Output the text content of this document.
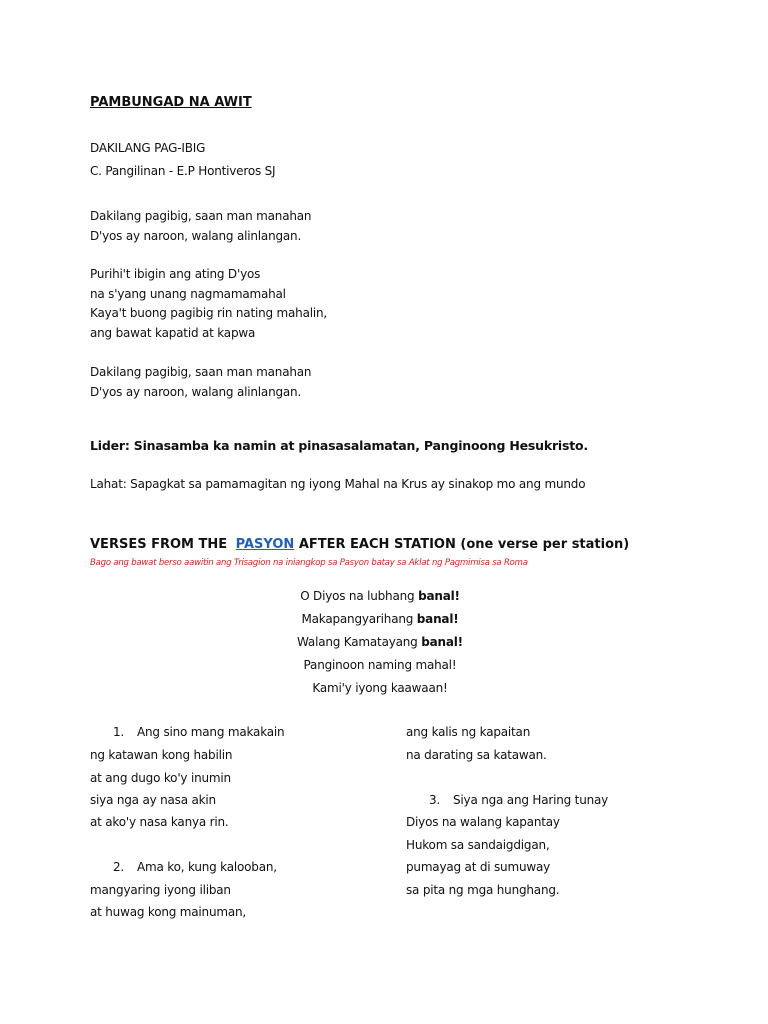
PAMBUNGAD NA AWIT
DAKILANG PAG-IBIG
C. Pangilinan - E.P Hontiveros SJ
Dakilang pagibig, saan man manahan
D'yos ay naroon, walang alinlangan.
Purihi't ibigin ang ating D'yos
na s'yang unang nagmamamahal
Kaya't buong pagibig rin nating mahalin,
ang bawat kapatid at kapwa
Dakilang pagibig, saan man manahan
D'yos ay naroon, walang alinlangan.
Lider: Sinasamba ka namin at pinasasalamatan, Panginoong Hesukristo.
Lahat: Sapagkat sa pamamagitan ng iyong Mahal na Krus ay sinakop mo ang mundo
VERSES FROM THE PASYON AFTER EACH STATION (one verse per station)
Bago ang bawat berso aawitin ang Trisagion na iniangkop sa Pasyon batay sa Aklat ng Pagmimisa sa Roma
O Diyos na lubhang banal!
Makapangyarihang banal!
Walang Kamatayang banal!
Panginoon naming mahal!
Kami'y iyong kaawaan!
1. Ang sino mang makakain
ng katawan kong habilin
at ang dugo ko'y inumin
siya nga ay nasa akin
at ako'y nasa kanya rin.
2. Ama ko, kung kalooban,
mangyaring iyong iliban
at huwag kong mainuman,
ang kalis ng kapaitan
na darating sa katawan.
3. Siya nga ang Haring tunay
Diyos na walang kapantay
Hukom sa sandaigdigan,
pumayag at di sumuway
sa pita ng mga hunghang.
